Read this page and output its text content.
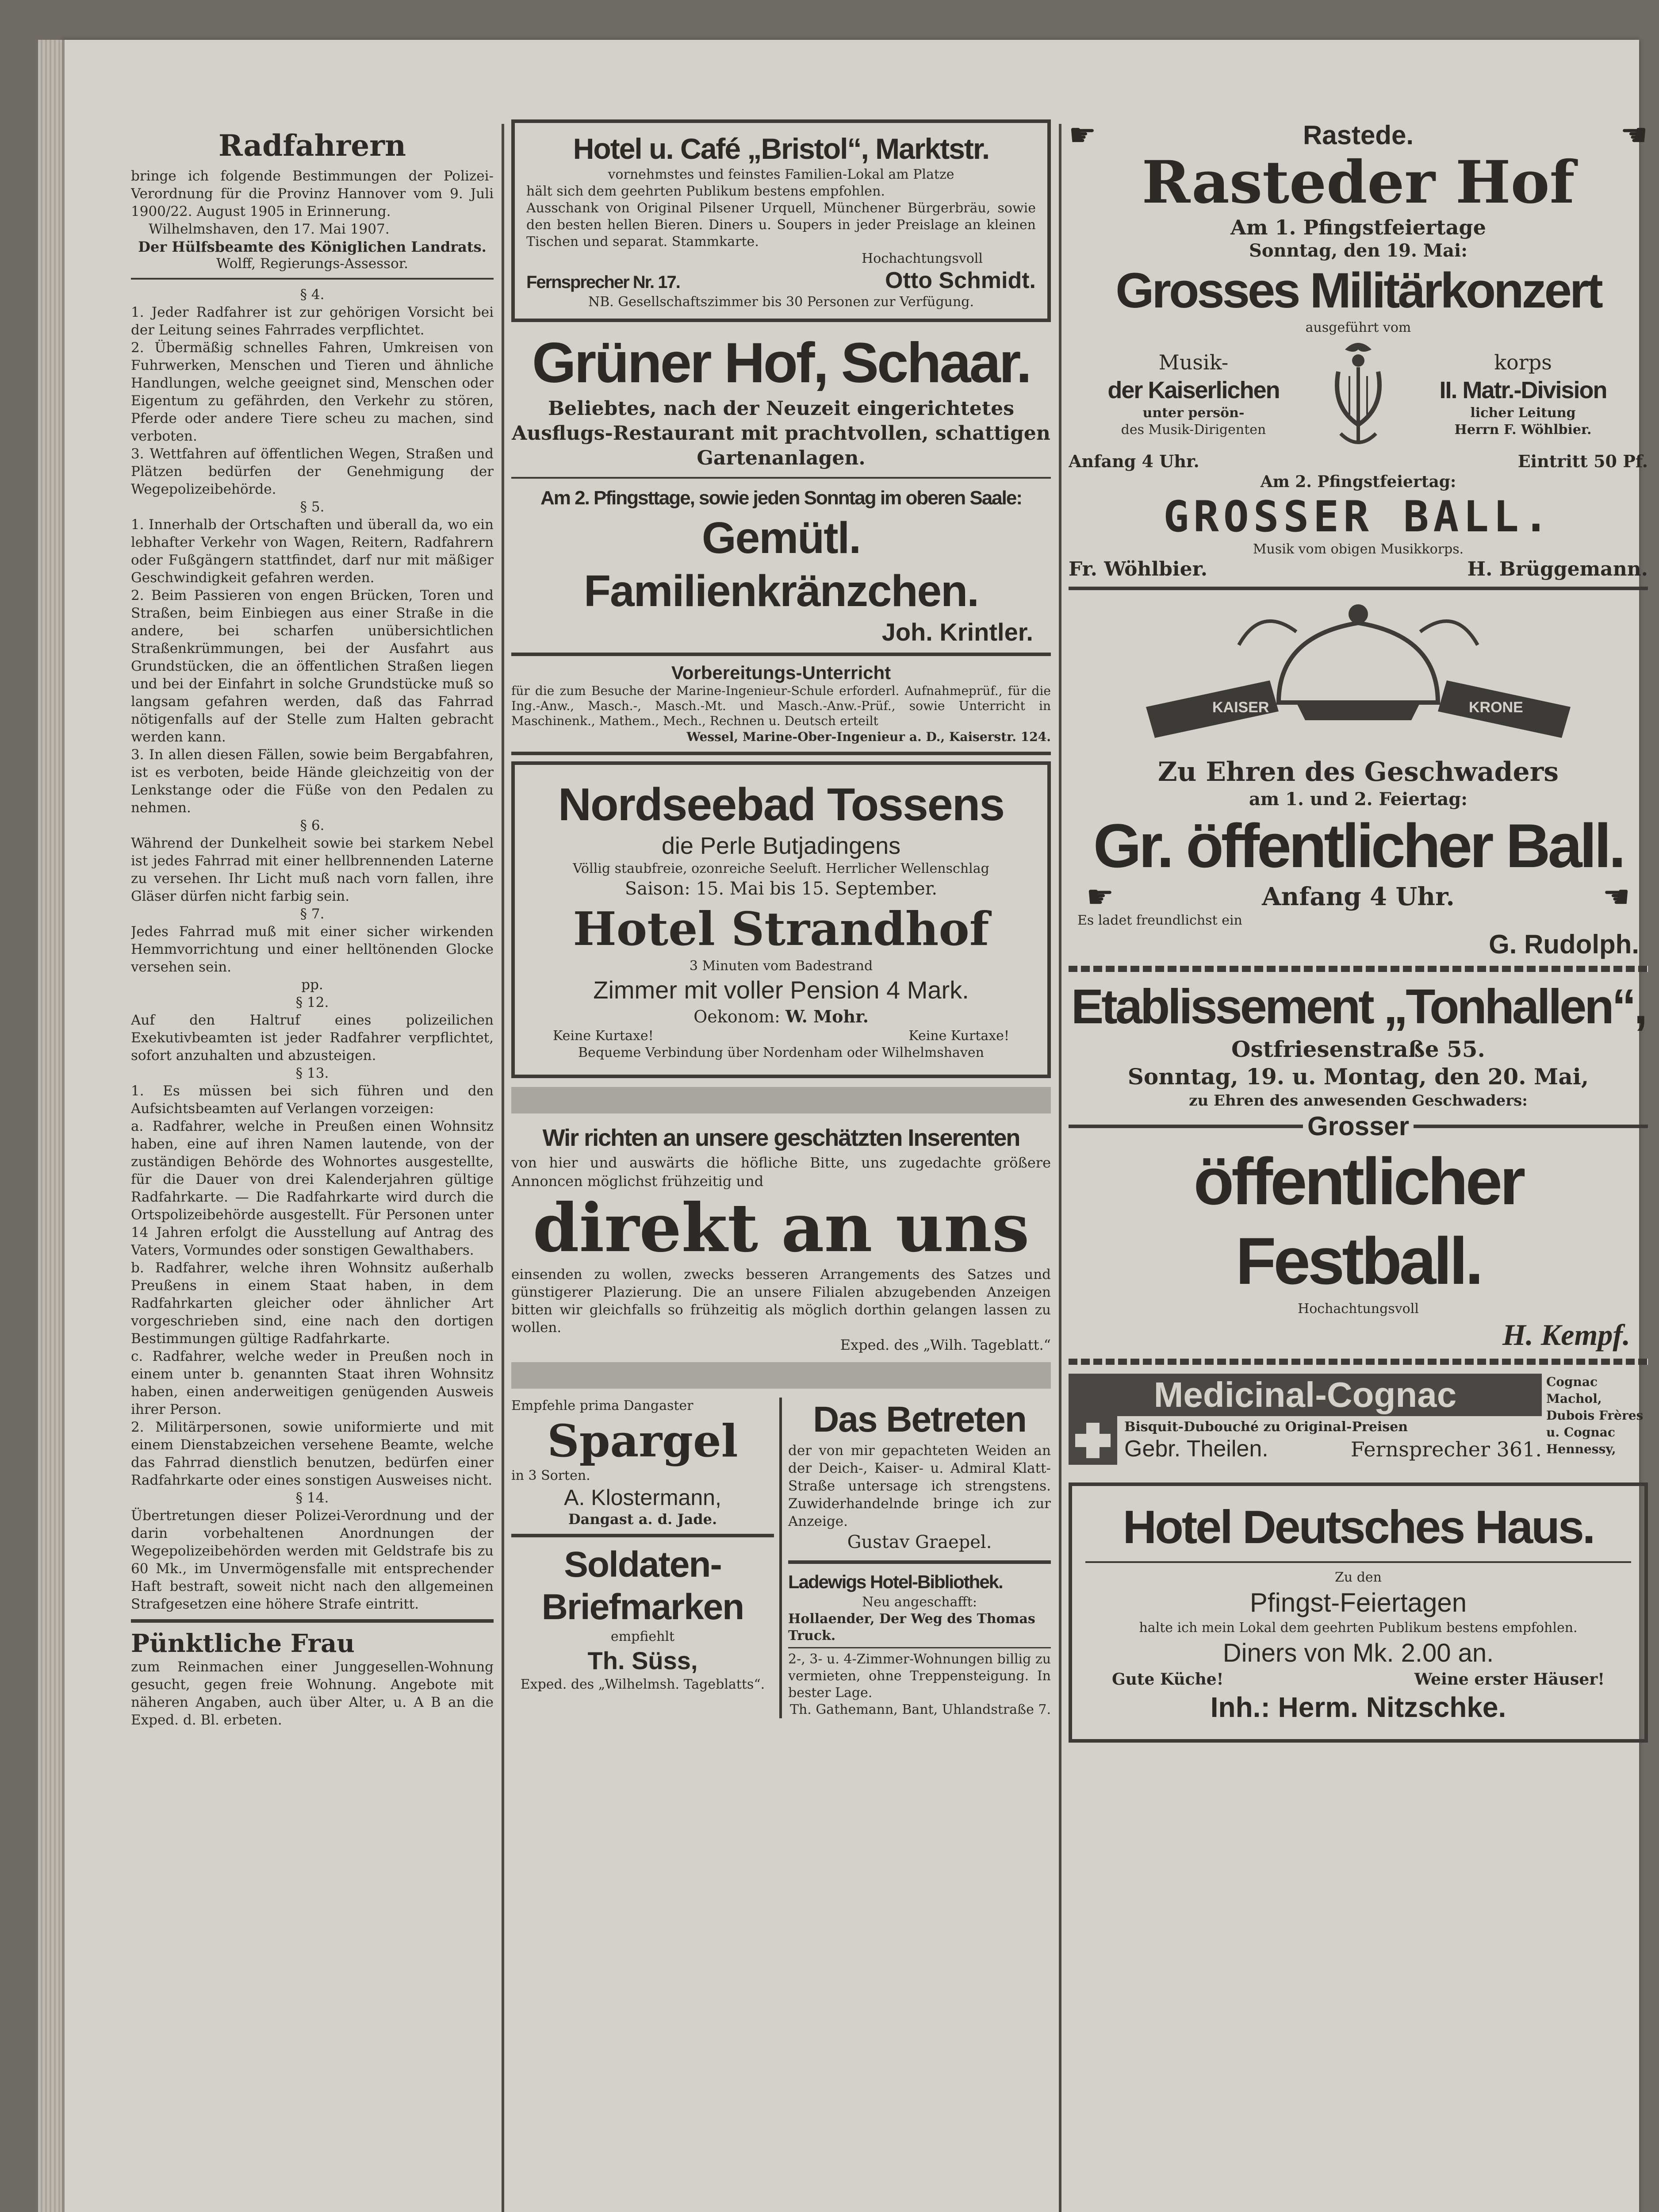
Radfahrern

bringe ich folgende Bestimmungen der Polizei-Verordnung für die Provinz Hannover vom 9. Juli 1900/22. August 1905 in Erinnerung.

Wilhelmshaven, den 17. Mai 1907.

Der Hülfsbeamte des Königlichen Landrats.

Wolff, Regierungs-Assessor.

§ 4.

1. Jeder Radfahrer ist zur gehörigen Vorsicht bei der Leitung seines Fahrrades verpflichtet.

2. Übermäßig schnelles Fahren, Umkreisen von Fuhrwerken, Menschen und Tieren und ähnliche Handlungen, welche geeignet sind, Menschen oder Eigentum zu gefährden, den Verkehr zu stören, Pferde oder andere Tiere scheu zu machen, sind verboten.

3. Wettfahren auf öffentlichen Wegen, Straßen und Plätzen bedürfen der Genehmigung der Wegepolizeibehörde.

§ 5.

1. Innerhalb der Ortschaften und überall da, wo ein lebhafter Verkehr von Wagen, Reitern, Radfahrern oder Fußgängern stattfindet, darf nur mit mäßiger Geschwindigkeit gefahren werden.

2. Beim Passieren von engen Brücken, Toren und Straßen, beim Einbiegen aus einer Straße in die andere, bei scharfen unübersichtlichen Straßenkrümmungen, bei der Ausfahrt aus Grundstücken, die an öffentlichen Straßen liegen und bei der Einfahrt in solche Grundstücke muß so langsam gefahren werden, daß das Fahrrad nötigenfalls auf der Stelle zum Halten gebracht werden kann.

3. In allen diesen Fällen, sowie beim Bergabfahren, ist es verboten, beide Hände gleichzeitig von der Lenkstange oder die Füße von den Pedalen zu nehmen.

§ 6.

Während der Dunkelheit sowie bei starkem Nebel ist jedes Fahrrad mit einer hellbrennenden Laterne zu versehen. Ihr Licht muß nach vorn fallen, ihre Gläser dürfen nicht farbig sein.

§ 7.

Jedes Fahrrad muß mit einer sicher wirkenden Hemmvorrichtung und einer helltönenden Glocke versehen sein.

pp.

§ 12.

Auf den Haltruf eines polizeilichen Exekutivbeamten ist jeder Radfahrer verpflichtet, sofort anzuhalten und abzusteigen.

§ 13.

1. Es müssen bei sich führen und den Aufsichtsbeamten auf Verlangen vorzeigen:

a. Radfahrer, welche in Preußen einen Wohnsitz haben, eine auf ihren Namen lautende, von der zuständigen Behörde des Wohnortes ausgestellte, für die Dauer von drei Kalenderjahren gültige Radfahrkarte. — Die Radfahrkarte wird durch die Ortspolizeibehörde ausgestellt. Für Personen unter 14 Jahren erfolgt die Ausstellung auf Antrag des Vaters, Vormundes oder sonstigen Gewalthabers.

b. Radfahrer, welche ihren Wohnsitz außerhalb Preußens in einem Staat haben, in dem Radfahrkarten gleicher oder ähnlicher Art vorgeschrieben sind, eine nach den dortigen Bestimmungen gültige Radfahrkarte.

c. Radfahrer, welche weder in Preußen noch in einem unter b. genannten Staat ihren Wohnsitz haben, einen anderweitigen genügenden Ausweis ihrer Person.

2. Militärpersonen, sowie uniformierte und mit einem Dienstabzeichen versehene Beamte, welche das Fahrrad dienstlich benutzen, bedürfen einer Radfahrkarte oder eines sonstigen Ausweises nicht.

§ 14.

Übertretungen dieser Polizei-Verordnung und der darin vorbehaltenen Anordnungen der Wegepolizeibehörden werden mit Geldstrafe bis zu 60 Mk., im Unvermögensfalle mit entsprechender Haft bestraft, soweit nicht nach den allgemeinen Strafgesetzen eine höhere Strafe eintritt.

Pünktliche Frau

zum Reinmachen einer Junggesellen-Wohnung gesucht, gegen freie Wohnung. Angebote mit näheren Angaben, auch über Alter, u. A B an die Exped. d. Bl. erbeten.

Hotel u. Café „Bristol“, Marktstr.

vornehmstes und feinstes Familien-Lokal am Platze

hält sich dem geehrten Publikum bestens empfohlen.

Ausschank von Original Pilsener Urquell, Münchener Bürgerbräu, sowie den besten hellen Bieren. Diners u. Soupers in jeder Preislage an kleinen Tischen und separat. Stammkarte.

Hochachtungsvoll

Fernsprecher Nr. 17.	Otto Schmidt.

NB. Gesellschaftszimmer bis 30 Personen zur Verfügung.

Grüner Hof, Schaar.

Beliebtes, nach der Neuzeit eingerichtetes Ausflugs-Restaurant mit prachtvollen, schattigen Gartenanlagen.

Am 2. Pfingsttage, sowie jeden Sonntag im oberen Saale:

Gemütl. Familienkränzchen.

Joh. Krintler.

Vorbereitungs-Unterricht

für die zum Besuche der Marine-Ingenieur-Schule erforderl. Aufnahmeprüf., für die Ing.-Anw., Masch.-, Masch.-Mt. und Masch.-Anw.-Prüf., sowie Unterricht in Maschinenk., Mathem., Mech., Rechnen u. Deutsch erteilt

Wessel, Marine-Ober-Ingenieur a. D., Kaiserstr. 124.

Nordseebad Tossens

die Perle Butjadingens

Völlig staubfreie, ozonreiche Seeluft. Herrlicher Wellenschlag

Saison: 15. Mai bis 15. September.

Hotel Strandhof

3 Minuten vom Badestrand

Zimmer mit voller Pension 4 Mark.

Oekonom: W. Mohr.

Keine Kurtaxe!	Keine Kurtaxe!

Bequeme Verbindung über Nordenham oder Wilhelmshaven

Wir richten an unsere geschätzten Inserenten

von hier und auswärts die höfliche Bitte, uns zugedachte größere Annoncen möglichst frühzeitig und

direkt an uns

einsenden zu wollen, zwecks besseren Arrangements des Satzes und günstigerer Plazierung. Die an unsere Filialen abzugebenden Anzeigen bitten wir gleichfalls so frühzeitig als möglich dorthin gelangen lassen zu wollen.

Exped. des „Wilh. Tageblatt.“

Empfehle prima Dangaster

Spargel

in 3 Sorten.

A. Klostermann,

Dangast a. d. Jade.

Soldaten-Briefmarken

empfiehlt

Th. Süss,

Exped. des „Wilhelmsh. Tageblatts“.

Das Betreten

der von mir gepachteten Weiden an der Deich-, Kaiser- u. Admiral Klatt-Straße untersage ich strengstens. Zuwiderhandelnde bringe ich zur Anzeige.

Gustav Graepel.

Ladewigs Hotel-Bibliothek.

Neu angeschafft:

Hollaender, Der Weg des Thomas Truck.

2-, 3- u. 4-Zimmer-Wohnungen billig zu vermieten, ohne Treppensteigung. In bester Lage.

Th. Gathemann, Bant, Uhlandstraße 7.

☛	Rastede.	☚

Rasteder Hof

Am 1. Pfingstfeiertage

Sonntag, den 19. Mai:

Grosses Militärkonzert

ausgeführt vom

Musik-

der Kaiserlichen

unter persön-

des Musik-Dirigenten

korps

II. Matr.-Division

licher Leitung

Herrn F. Wöhlbier.

Anfang 4 Uhr.	Eintritt 50 Pf.

Am 2. Pfingstfeiertag:

GROSSER BALL.

Musik vom obigen Musikkorps.

Fr. Wöhlbier.	H. Brüggemann.
KAISER	KRONE

Zu Ehren des Geschwaders

am 1. und 2. Feiertag:

Gr. öffentlicher Ball.

☛	Anfang 4 Uhr.	☚

Es ladet freundlichst ein

G. Rudolph.

Etablissement „Tonhallen“,

Ostfriesenstraße 55.

Sonntag, 19. u. Montag, den 20. Mai,

zu Ehren des anwesenden Geschwaders:

Grosser

öffentlicher Festball.

Hochachtungsvoll

H. Kempf.

Medicinal-Cognac

Bisquit-Dubouché zu Original-Preisen

Gebr. Theilen.	Fernsprecher 361.

Cognac Machol, Dubois Frères u. Cognac Hennessy,

Hotel Deutsches Haus.

Zu den

Pfingst-Feiertagen

halte ich mein Lokal dem geehrten Publikum bestens empfohlen.

Diners von Mk. 2.00 an.

Gute Küche!	Weine erster Häuser!

Inh.: Herm. Nitzschke.
